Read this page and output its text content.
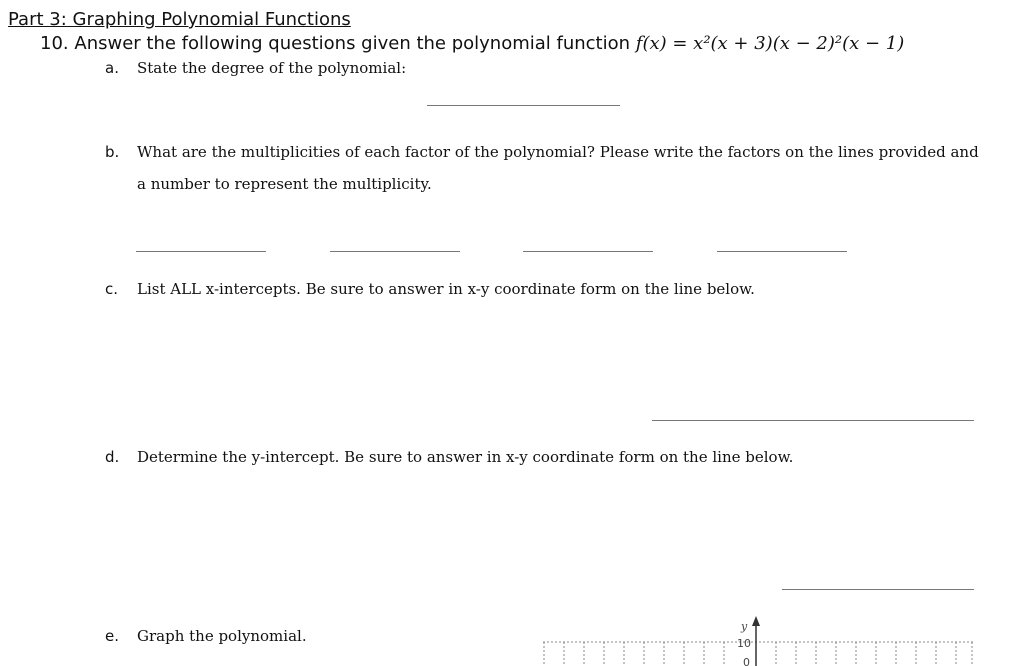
Part 3: Graphing Polynomial Functions
10. Answer the following questions given the polynomial function f(x) = x²(x + 3)(x − 2)²(x − 1)
a. State the degree of the polynomial:
b. What are the multiplicities of each factor of the polynomial? Please write the factors on the lines provided and
a number to represent the multiplicity.
c. List ALL x-intercepts. Be sure to answer in x-y coordinate form on the line below.
d. Determine the y-intercept. Be sure to answer in x-y coordinate form on the line below.
e. Graph the polynomial.
y
10
0
